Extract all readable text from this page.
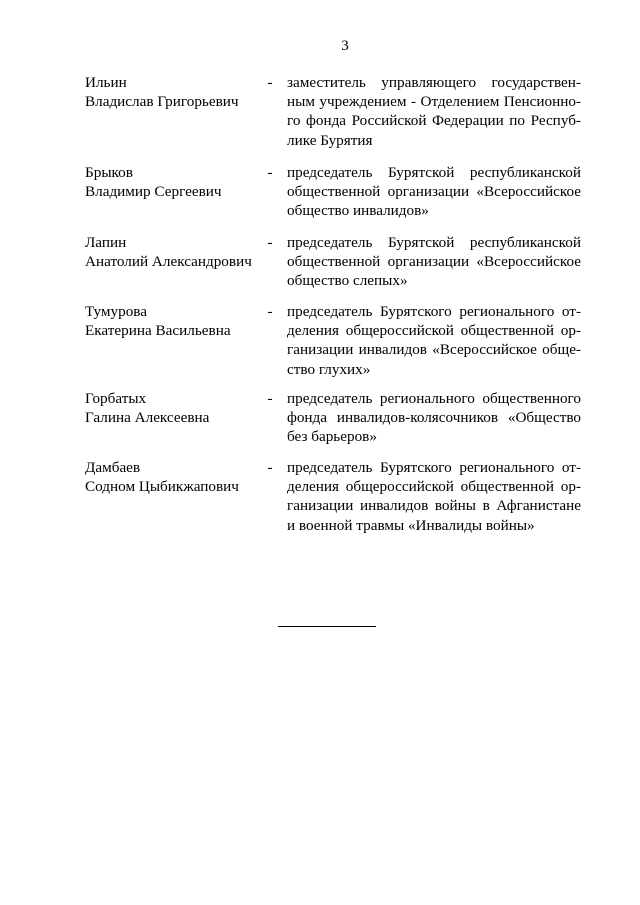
3
Ильин
Владислав Григорьевич
- заместитель управляющего государствен-
ным учреждением - Отделением Пенсионно-
го фонда Российской Федерации по Респуб-
лике Бурятия
Брыков
Владимир Сергеевич
- председатель Бурятской республиканской
общественной организации «Всероссийское
общество инвалидов»
Лапин
Анатолий Александрович
- председатель Бурятской республиканской
общественной организации «Всероссийское
общество слепых»
Тумурова
Екатерина Васильевна
- председатель Бурятского регионального от-
деления общероссийской общественной ор-
ганизации инвалидов «Всероссийское обще-
ство глухих»
Горбатых
Галина Алексеевна
- председатель регионального общественного
фонда инвалидов-колясочников «Общество
без барьеров»
Дамбаев
Содном Цыбикжапович
- председатель Бурятского регионального от-
деления общероссийской общественной ор-
ганизации инвалидов войны в Афганистане
и военной травмы «Инвалиды войны»
